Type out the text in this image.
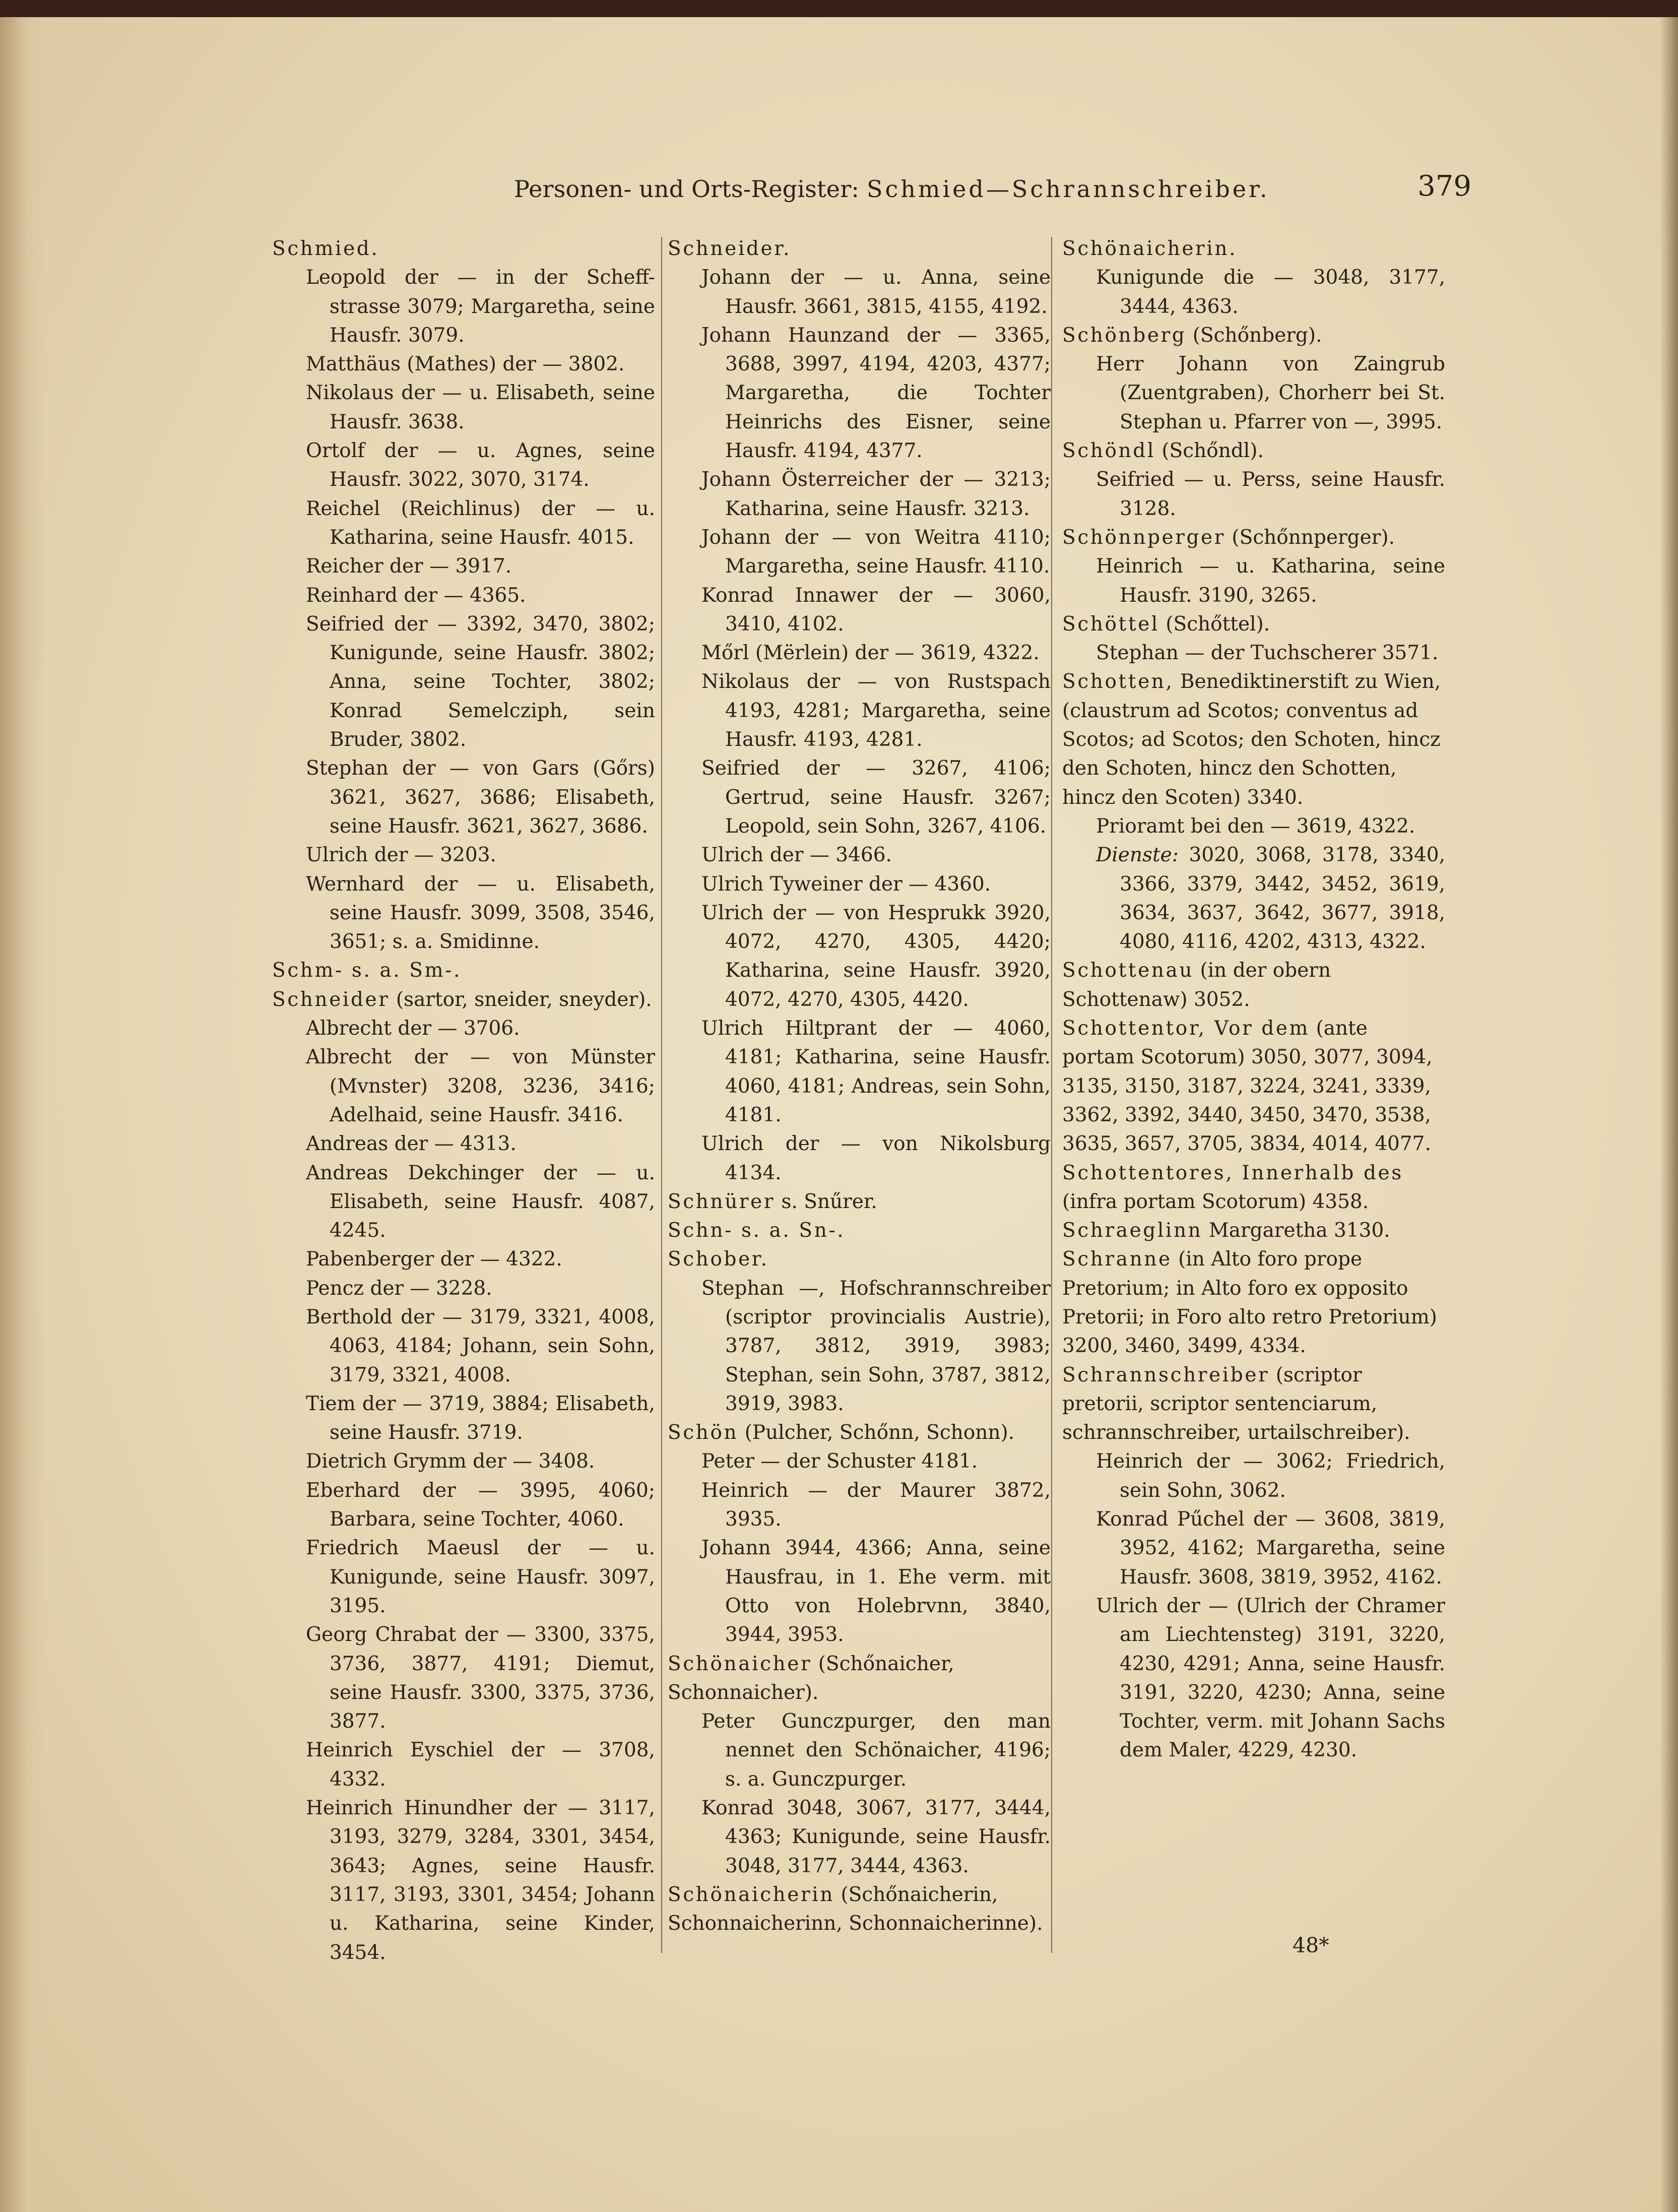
Personen- und Orts-Register: Schmied—Schrannschreiber.	379

Schmied.

Leopold der — in der Scheff-strasse 3079; Margaretha, seine Hausfr. 3079.

Matthäus (Mathes) der — 3802.

Nikolaus der — u. Elisabeth, seine Hausfr. 3638.

Ortolf der — u. Agnes, seine Hausfr. 3022, 3070, 3174.

Reichel (Reichlinus) der — u. Katharina, seine Hausfr. 4015.

Reicher der — 3917.

Reinhard der — 4365.

Seifried der — 3392, 3470, 3802; Kunigunde, seine Hausfr. 3802; Anna, seine Tochter, 3802; Konrad Semelcziph, sein Bruder, 3802.

Stephan der — von Gars (Gőrs) 3621, 3627, 3686; Elisabeth, seine Hausfr. 3621, 3627, 3686.

Ulrich der — 3203.

Wernhard der — u. Elisabeth, seine Hausfr. 3099, 3508, 3546, 3651; s. a. Smidinne.

Schm- s. a. Sm-.

Schneider (sartor, sneider, sneyder).

Albrecht der — 3706.

Albrecht der — von Münster (Mvnster) 3208, 3236, 3416; Adelhaid, seine Hausfr. 3416.

Andreas der — 4313.

Andreas Dekchinger der — u. Elisabeth, seine Hausfr. 4087, 4245.

Pabenberger der — 4322.

Pencz der — 3228.

Berthold der — 3179, 3321, 4008, 4063, 4184; Johann, sein Sohn, 3179, 3321, 4008.

Tiem der — 3719, 3884; Elisabeth, seine Hausfr. 3719.

Dietrich Grymm der — 3408.

Eberhard der — 3995, 4060; Barbara, seine Tochter, 4060.

Friedrich Maeusl der — u. Kunigunde, seine Hausfr. 3097, 3195.

Georg Chrabat der — 3300, 3375, 3736, 3877, 4191; Diemut, seine Hausfr. 3300, 3375, 3736, 3877.

Heinrich Eyschiel der — 3708, 4332.

Heinrich Hinundher der — 3117, 3193, 3279, 3284, 3301, 3454, 3643; Agnes, seine Hausfr. 3117, 3193, 3301, 3454; Johann u. Katharina, seine Kinder, 3454.

Schneider.

Johann der — u. Anna, seine Hausfr. 3661, 3815, 4155, 4192.

Johann Haunzand der — 3365, 3688, 3997, 4194, 4203, 4377; Margaretha, die Tochter Heinrichs des Eisner, seine Hausfr. 4194, 4377.

Johann Österreicher der — 3213; Katharina, seine Hausfr. 3213.

Johann der — von Weitra 4110; Margaretha, seine Hausfr. 4110.

Konrad Innawer der — 3060, 3410, 4102.

Mőrl (Mërlein) der — 3619, 4322.

Nikolaus der — von Rustspach 4193, 4281; Margaretha, seine Hausfr. 4193, 4281.

Seifried der — 3267, 4106; Gertrud, seine Hausfr. 3267; Leopold, sein Sohn, 3267, 4106.

Ulrich der — 3466.

Ulrich Tyweiner der — 4360.

Ulrich der — von Hesprukk 3920, 4072, 4270, 4305, 4420; Katharina, seine Hausfr. 3920, 4072, 4270, 4305, 4420.

Ulrich Hiltprant der — 4060, 4181; Katharina, seine Hausfr. 4060, 4181; Andreas, sein Sohn, 4181.

Ulrich der — von Nikolsburg 4134.

Schnürer s. Snűrer.

Schn- s. a. Sn-.

Schober.

Stephan —, Hofschrannschreiber (scriptor provincialis Austrie), 3787, 3812, 3919, 3983; Stephan, sein Sohn, 3787, 3812, 3919, 3983.

Schön (Pulcher, Schőnn, Schonn).

Peter — der Schuster 4181.

Heinrich — der Maurer 3872, 3935.

Johann 3944, 4366; Anna, seine Hausfrau, in 1. Ehe verm. mit Otto von Holebrvnn, 3840, 3944, 3953.

Schönaicher (Schőnaicher, Schonnaicher).

Peter Gunczpurger, den man nennet den Schönaicher, 4196; s. a. Gunczpurger.

Konrad 3048, 3067, 3177, 3444, 4363; Kunigunde, seine Hausfr. 3048, 3177, 3444, 4363.

Schönaicherin (Schőnaicherin, Schonnaicherinn, Schonnaicherinne).

Schönaicherin.

Kunigunde die — 3048, 3177, 3444, 4363.

Schönberg (Schőnberg).

Herr Johann von Zaingrub (Zuentgraben), Chorherr bei St. Stephan u. Pfarrer von —, 3995.

Schöndl (Schőndl).

Seifried — u. Perss, seine Hausfr. 3128.

Schönnperger (Schőnnperger).

Heinrich — u. Katharina, seine Hausfr. 3190, 3265.

Schöttel (Schőttel).

Stephan — der Tuchscherer 3571.

Schotten, Benediktinerstift zu Wien, (claustrum ad Scotos; conventus ad Scotos; ad Scotos; den Schoten, hincz den Schoten, hincz den Schotten, hincz den Scoten) 3340.

Prioramt bei den — 3619, 4322.

Dienste: 3020, 3068, 3178, 3340, 3366, 3379, 3442, 3452, 3619, 3634, 3637, 3642, 3677, 3918, 4080, 4116, 4202, 4313, 4322.

Schottenau (in der obern Schottenaw) 3052.

Schottentor, Vor dem (ante portam Scotorum) 3050, 3077, 3094, 3135, 3150, 3187, 3224, 3241, 3339, 3362, 3392, 3440, 3450, 3470, 3538, 3635, 3657, 3705, 3834, 4014, 4077.

Schottentores, Innerhalb des (infra portam Scotorum) 4358.

Schraeglinn Margaretha 3130.

Schranne (in Alto foro prope Pretorium; in Alto foro ex opposito Pretorii; in Foro alto retro Pretorium) 3200, 3460, 3499, 4334.

Schrannschreiber (scriptor pretorii, scriptor sentenciarum, schrannschreiber, urtailschreiber).

Heinrich der — 3062; Friedrich, sein Sohn, 3062.

Konrad Pűchel der — 3608, 3819, 3952, 4162; Margaretha, seine Hausfr. 3608, 3819, 3952, 4162.

Ulrich der — (Ulrich der Chramer am Liechtensteg) 3191, 3220, 4230, 4291; Anna, seine Hausfr. 3191, 3220, 4230; Anna, seine Tochter, verm. mit Johann Sachs dem Maler, 4229, 4230.

48*
